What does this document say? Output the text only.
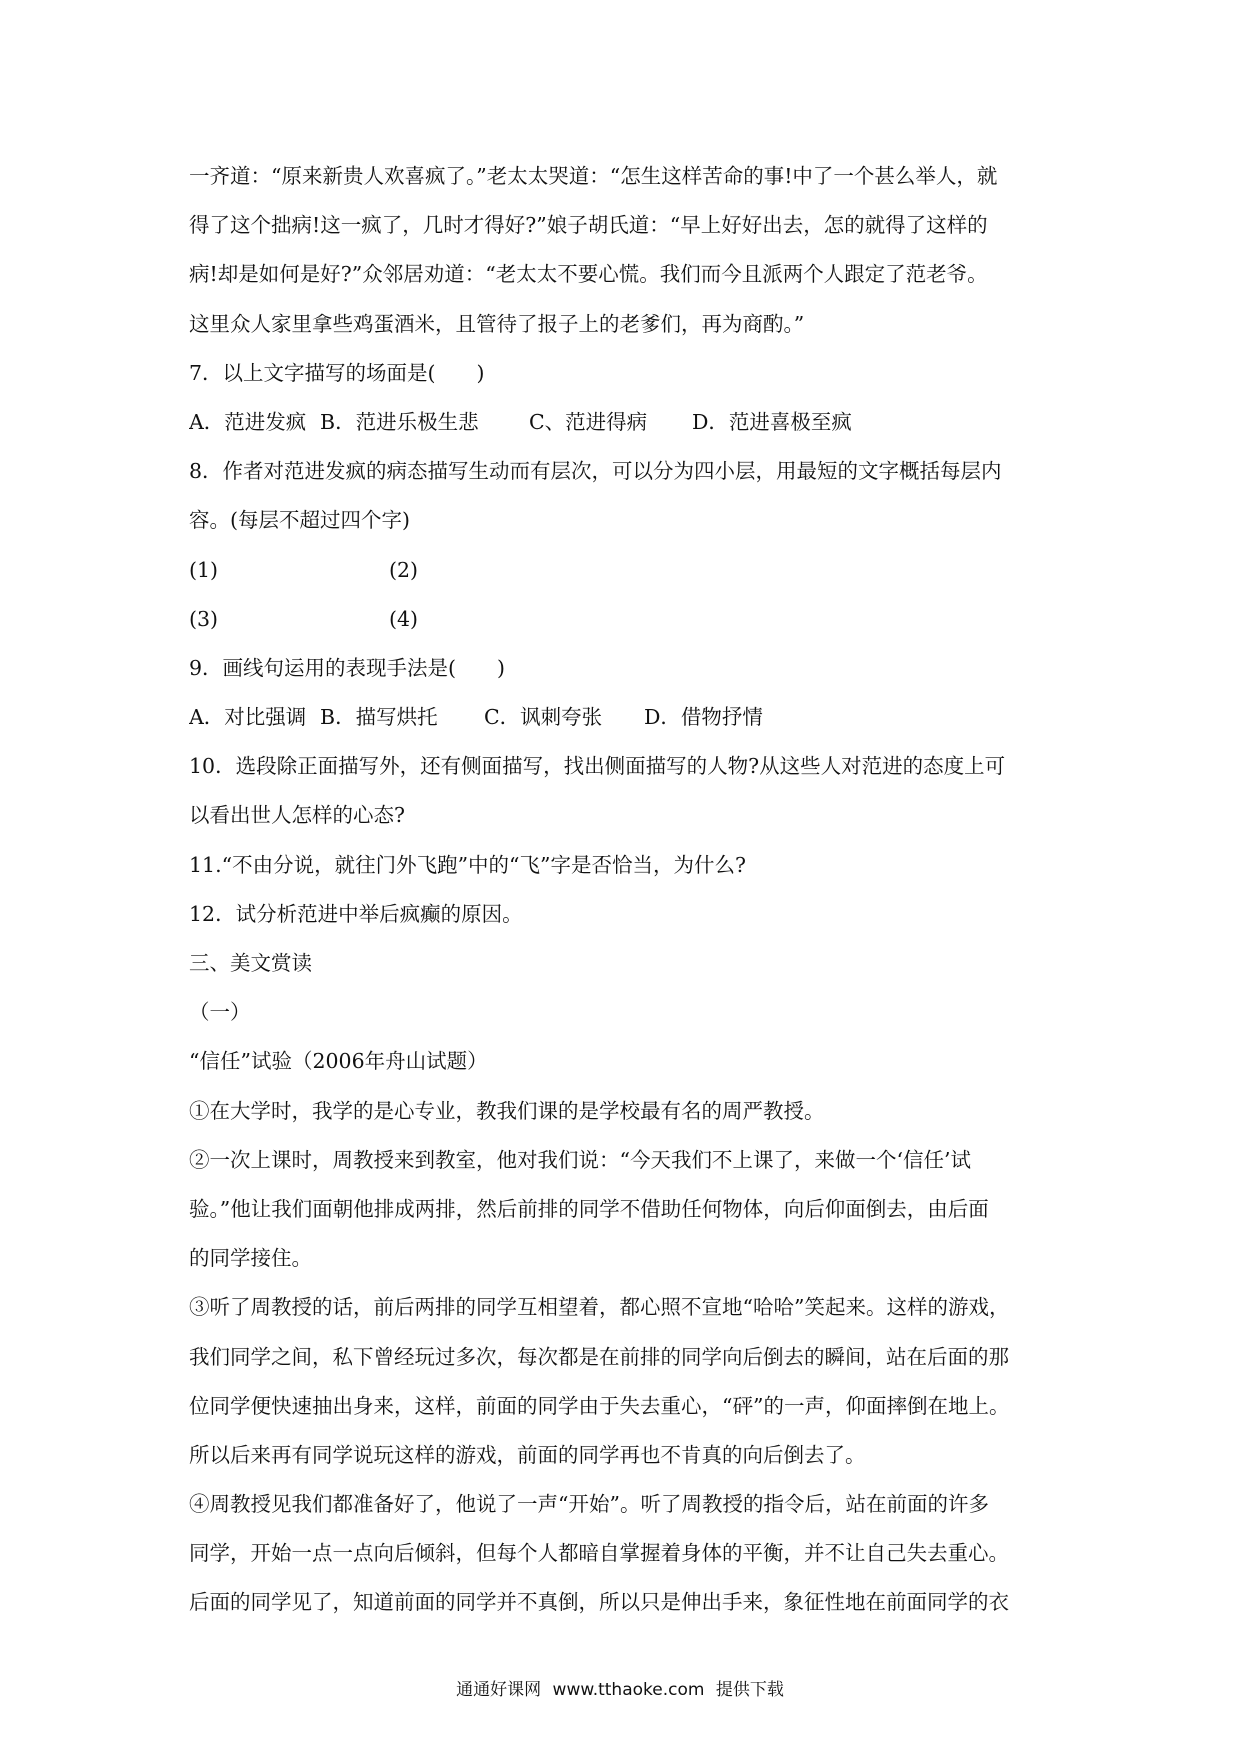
一齐道：“原来新贵人欢喜疯了。”老太太哭道：“怎生这样苦命的事!中了一个甚么举人，就
得了这个拙病!这一疯了，几时才得好?”娘子胡氏道：“早上好好出去，怎的就得了这样的
病!却是如何是好?”众邻居劝道：“老太太不要心慌。我们而今且派两个人跟定了范老爷。
这里众人家里拿些鸡蛋酒米，且管待了报子上的老爹们，再为商酌。”
7．以上文字描写的场面是(　　)
A．范进发疯 B．范进乐极生悲	C、范进得病	D．范进喜极至疯
8．作者对范进发疯的病态描写生动而有层次，可以分为四小层，用最短的文字概括每层内
容。(每层不超过四个字)
(1)	(2)
(3)	(4)
9．画线句运用的表现手法是(　　)
A．对比强调 B．描写烘托	C．讽刺夸张	D．借物抒情
10．选段除正面描写外，还有侧面描写，找出侧面描写的人物?从这些人对范进的态度上可
以看出世人怎样的心态?
11.“不由分说，就往门外飞跑”中的“飞”字是否恰当，为什么?
12．试分析范进中举后疯癫的原因。
三、美文赏读
（一）
“信任”试验（2006年舟山试题）
①在大学时，我学的是心专业，教我们课的是学校最有名的周严教授。
②一次上课时，周教授来到教室，他对我们说：“今天我们不上课了，来做一个‘信任’试
验。”他让我们面朝他排成两排，然后前排的同学不借助任何物体，向后仰面倒去，由后面
的同学接住。
③听了周教授的话，前后两排的同学互相望着，都心照不宣地“哈哈”笑起来。这样的游戏，
我们同学之间，私下曾经玩过多次，每次都是在前排的同学向后倒去的瞬间，站在后面的那
位同学便快速抽出身来，这样，前面的同学由于失去重心，“砰”的一声，仰面摔倒在地上。
所以后来再有同学说玩这样的游戏，前面的同学再也不肯真的向后倒去了。
④周教授见我们都准备好了，他说了一声“开始”。听了周教授的指令后，站在前面的许多
同学，开始一点一点向后倾斜，但每个人都暗自掌握着身体的平衡，并不让自己失去重心。
后面的同学见了，知道前面的同学并不真倒，所以只是伸出手来，象征性地在前面同学的衣
通通好课网 www.tthaoke.com 提供下载
